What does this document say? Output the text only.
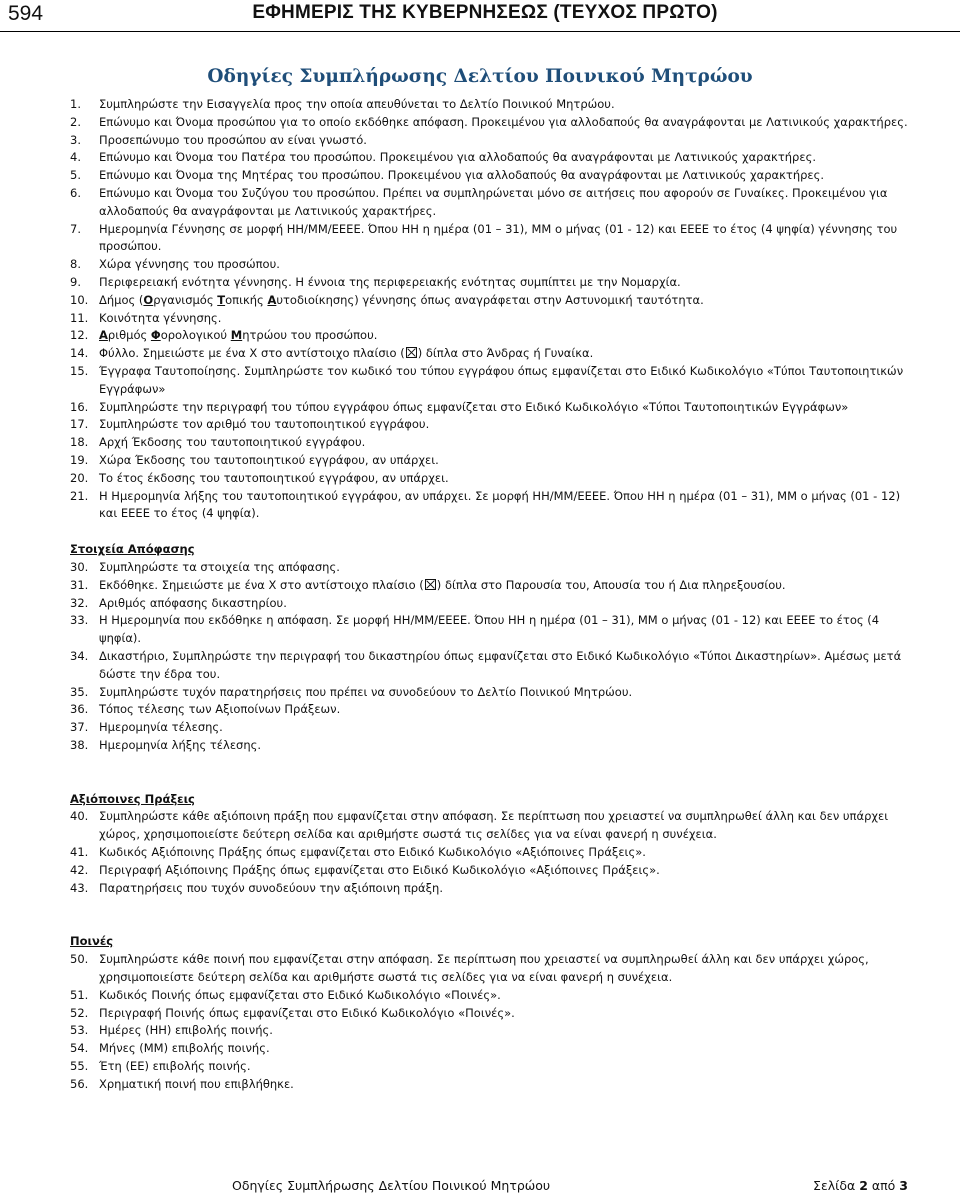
594	ΕΦΗΜΕΡΙΣ ΤΗΣ ΚΥΒΕΡΝΗΣΕΩΣ (ΤΕΥΧΟΣ ΠΡΩΤΟ)
Οδηγίες Συμπλήρωσης Δελτίου Ποινικού Μητρώου
1. Συμπληρώστε την Εισαγγελία προς την οποία απευθύνεται το Δελτίο Ποινικού Μητρώου.
2. Επώνυμο και Όνομα προσώπου για το οποίο εκδόθηκε απόφαση. Προκειμένου για αλλοδαπούς θα αναγράφονται με Λατινικούς χαρακτήρες.
3. Προσεπώνυμο του προσώπου αν είναι γνωστό.
4. Επώνυμο και Όνομα του Πατέρα του προσώπου. Προκειμένου για αλλοδαπούς θα αναγράφονται με Λατινικούς χαρακτήρες.
5. Επώνυμο και Όνομα της Μητέρας του προσώπου. Προκειμένου για αλλοδαπούς θα αναγράφονται με Λατινικούς χαρακτήρες.
6. Επώνυμο και Όνομα του Συζύγου του προσώπου. Πρέπει να συμπληρώνεται μόνο σε αιτήσεις που αφορούν σε Γυναίκες. Προκειμένου για αλλοδαπούς θα αναγράφονται με Λατινικούς χαρακτήρες.
7. Ημερομηνία Γέννησης σε μορφή ΗΗ/ΜΜ/ΕΕΕΕ. Όπου ΗΗ η ημέρα (01 – 31), ΜΜ ο μήνας (01 - 12) και ΕΕΕΕ το έτος (4 ψηφία) γέννησης του προσώπου.
8. Χώρα γέννησης του προσώπου.
9. Περιφερειακή ενότητα γέννησης. Η έννοια της περιφερειακής ενότητας συμπίπτει με την Νομαρχία.
10. Δήμος (Οργανισμός Τοπικής Αυτοδιοίκησης) γέννησης όπως αναγράφεται στην Αστυνομική ταυτότητα.
11. Κοινότητα γέννησης.
12. Αριθμός Φορολογικού Μητρώου του προσώπου.
14. Φύλλο. Σημειώστε με ένα Χ στο αντίστοιχο πλαίσιο ( ) δίπλα στο Άνδρας ή Γυναίκα.
15. Έγγραφα Ταυτοποίησης. Συμπληρώστε τον κωδικό του τύπου εγγράφου όπως εμφανίζεται στο Ειδικό Κωδικολόγιο «Τύποι Ταυτοποιητικών Εγγράφων»
16. Συμπληρώστε την περιγραφή του τύπου εγγράφου όπως εμφανίζεται στο Ειδικό Κωδικολόγιο «Τύποι Ταυτοποιητικών Εγγράφων»
17. Συμπληρώστε τον αριθμό του ταυτοποιητικού εγγράφου.
18. Αρχή Έκδοσης του ταυτοποιητικού εγγράφου.
19. Χώρα Έκδοσης του ταυτοποιητικού εγγράφου, αν υπάρχει.
20. Το έτος έκδοσης του ταυτοποιητικού εγγράφου, αν υπάρχει.
21. Η Ημερομηνία λήξης του ταυτοποιητικού εγγράφου, αν υπάρχει. Σε μορφή ΗΗ/ΜΜ/ΕΕΕΕ. Όπου ΗΗ η ημέρα (01 – 31), ΜΜ ο μήνας (01 - 12) και ΕΕΕΕ το έτος (4 ψηφία).
Στοιχεία Απόφασης
30. Συμπληρώστε τα στοιχεία της απόφασης.
31. Εκδόθηκε. Σημειώστε με ένα Χ στο αντίστοιχο πλαίσιο ( ) δίπλα στο Παρουσία του, Απουσία του ή Δια πληρεξουσίου.
32. Αριθμός απόφασης δικαστηρίου.
33. Η Ημερομηνία που εκδόθηκε η απόφαση. Σε μορφή ΗΗ/ΜΜ/ΕΕΕΕ. Όπου ΗΗ η ημέρα (01 – 31), ΜΜ ο μήνας (01 - 12) και ΕΕΕΕ το έτος (4 ψηφία).
34. Δικαστήριο, Συμπληρώστε την περιγραφή του δικαστηρίου όπως εμφανίζεται στο Ειδικό Κωδικολόγιο «Τύποι Δικαστηρίων». Αμέσως μετά δώστε την έδρα του.
35. Συμπληρώστε τυχόν παρατηρήσεις που πρέπει να συνοδεύουν το Δελτίο Ποινικού Μητρώου.
36. Τόπος τέλεσης των Αξιοποίνων Πράξεων.
37. Ημερομηνία τέλεσης.
38. Ημερομηνία λήξης τέλεσης.
Αξιόποινες Πράξεις
40. Συμπληρώστε κάθε αξιόποινη πράξη που εμφανίζεται στην απόφαση. Σε περίπτωση που χρειαστεί να συμπληρωθεί άλλη και δεν υπάρχει χώρος, χρησιμοποιείστε δεύτερη σελίδα και αριθμήστε σωστά τις σελίδες για να είναι φανερή η συνέχεια.
41. Κωδικός Αξιόποινης Πράξης όπως εμφανίζεται στο Ειδικό Κωδικολόγιο «Αξιόποινες Πράξεις».
42. Περιγραφή Αξιόποινης Πράξης όπως εμφανίζεται στο Ειδικό Κωδικολόγιο «Αξιόποινες Πράξεις».
43. Παρατηρήσεις που τυχόν συνοδεύουν την αξιόποινη πράξη.
Ποινές
50. Συμπληρώστε κάθε ποινή που εμφανίζεται στην απόφαση. Σε περίπτωση που χρειαστεί να συμπληρωθεί άλλη και δεν υπάρχει χώρος, χρησιμοποιείστε δεύτερη σελίδα και αριθμήστε σωστά τις σελίδες για να είναι φανερή η συνέχεια.
51. Κωδικός Ποινής όπως εμφανίζεται στο Ειδικό Κωδικολόγιο «Ποινές».
52. Περιγραφή Ποινής όπως εμφανίζεται στο Ειδικό Κωδικολόγιο «Ποινές».
53. Ημέρες (ΗΗ) επιβολής ποινής.
54. Μήνες (ΜΜ) επιβολής ποινής.
55. Έτη (ΕΕ) επιβολής ποινής.
56. Χρηματική ποινή που επιβλήθηκε.
Οδηγίες Συμπλήρωσης Δελτίου Ποινικού Μητρώου	Σελίδα 2 από 3
